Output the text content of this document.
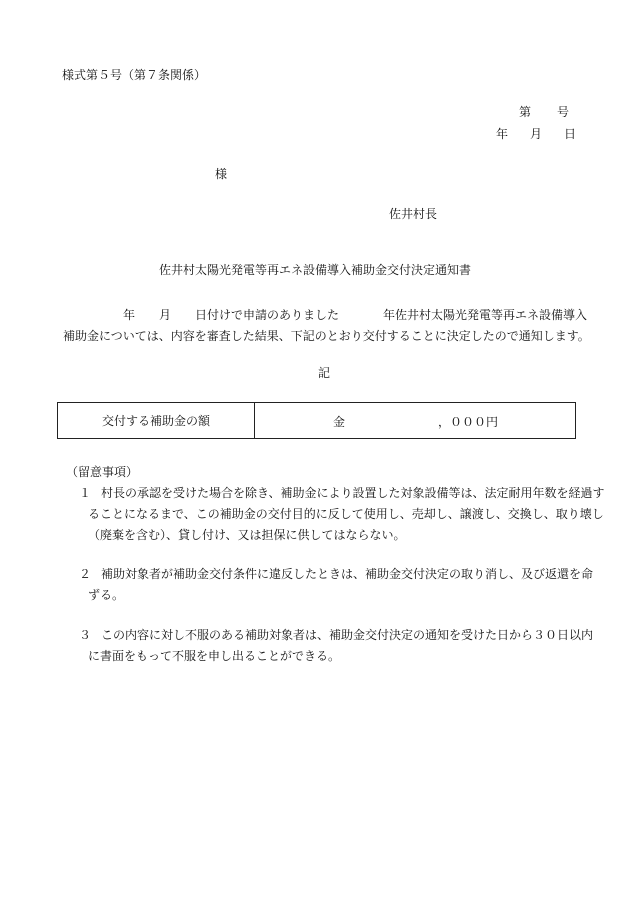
様式第５号（第７条関係）
第 号
年 月 日
様
佐井村長
佐井村太陽光発電等再エネ設備導入補助金交付決定通知書
年 月 日付けで申請のありました	年佐井村太陽光発電等再エネ設備導入
補助金については、内容を審査した結果、下記のとおり交付することに決定したので通知します。
記
交付する補助金の額	金	，０００円
（留意事項）
１ 村長の承認を受けた場合を除き、補助金により設置した対象設備等は、法定耐用年数を経過す
ることになるまで、この補助金の交付目的に反して使用し、売却し、譲渡し、交換し、取り壊し
（廃棄を含む）、貸し付け、又は担保に供してはならない。
２ 補助対象者が補助金交付条件に違反したときは、補助金交付決定の取り消し、及び返還を命
ずる。
３ この内容に対し不服のある補助対象者は、補助金交付決定の通知を受けた日から３０日以内
に書面をもって不服を申し出ることができる。
